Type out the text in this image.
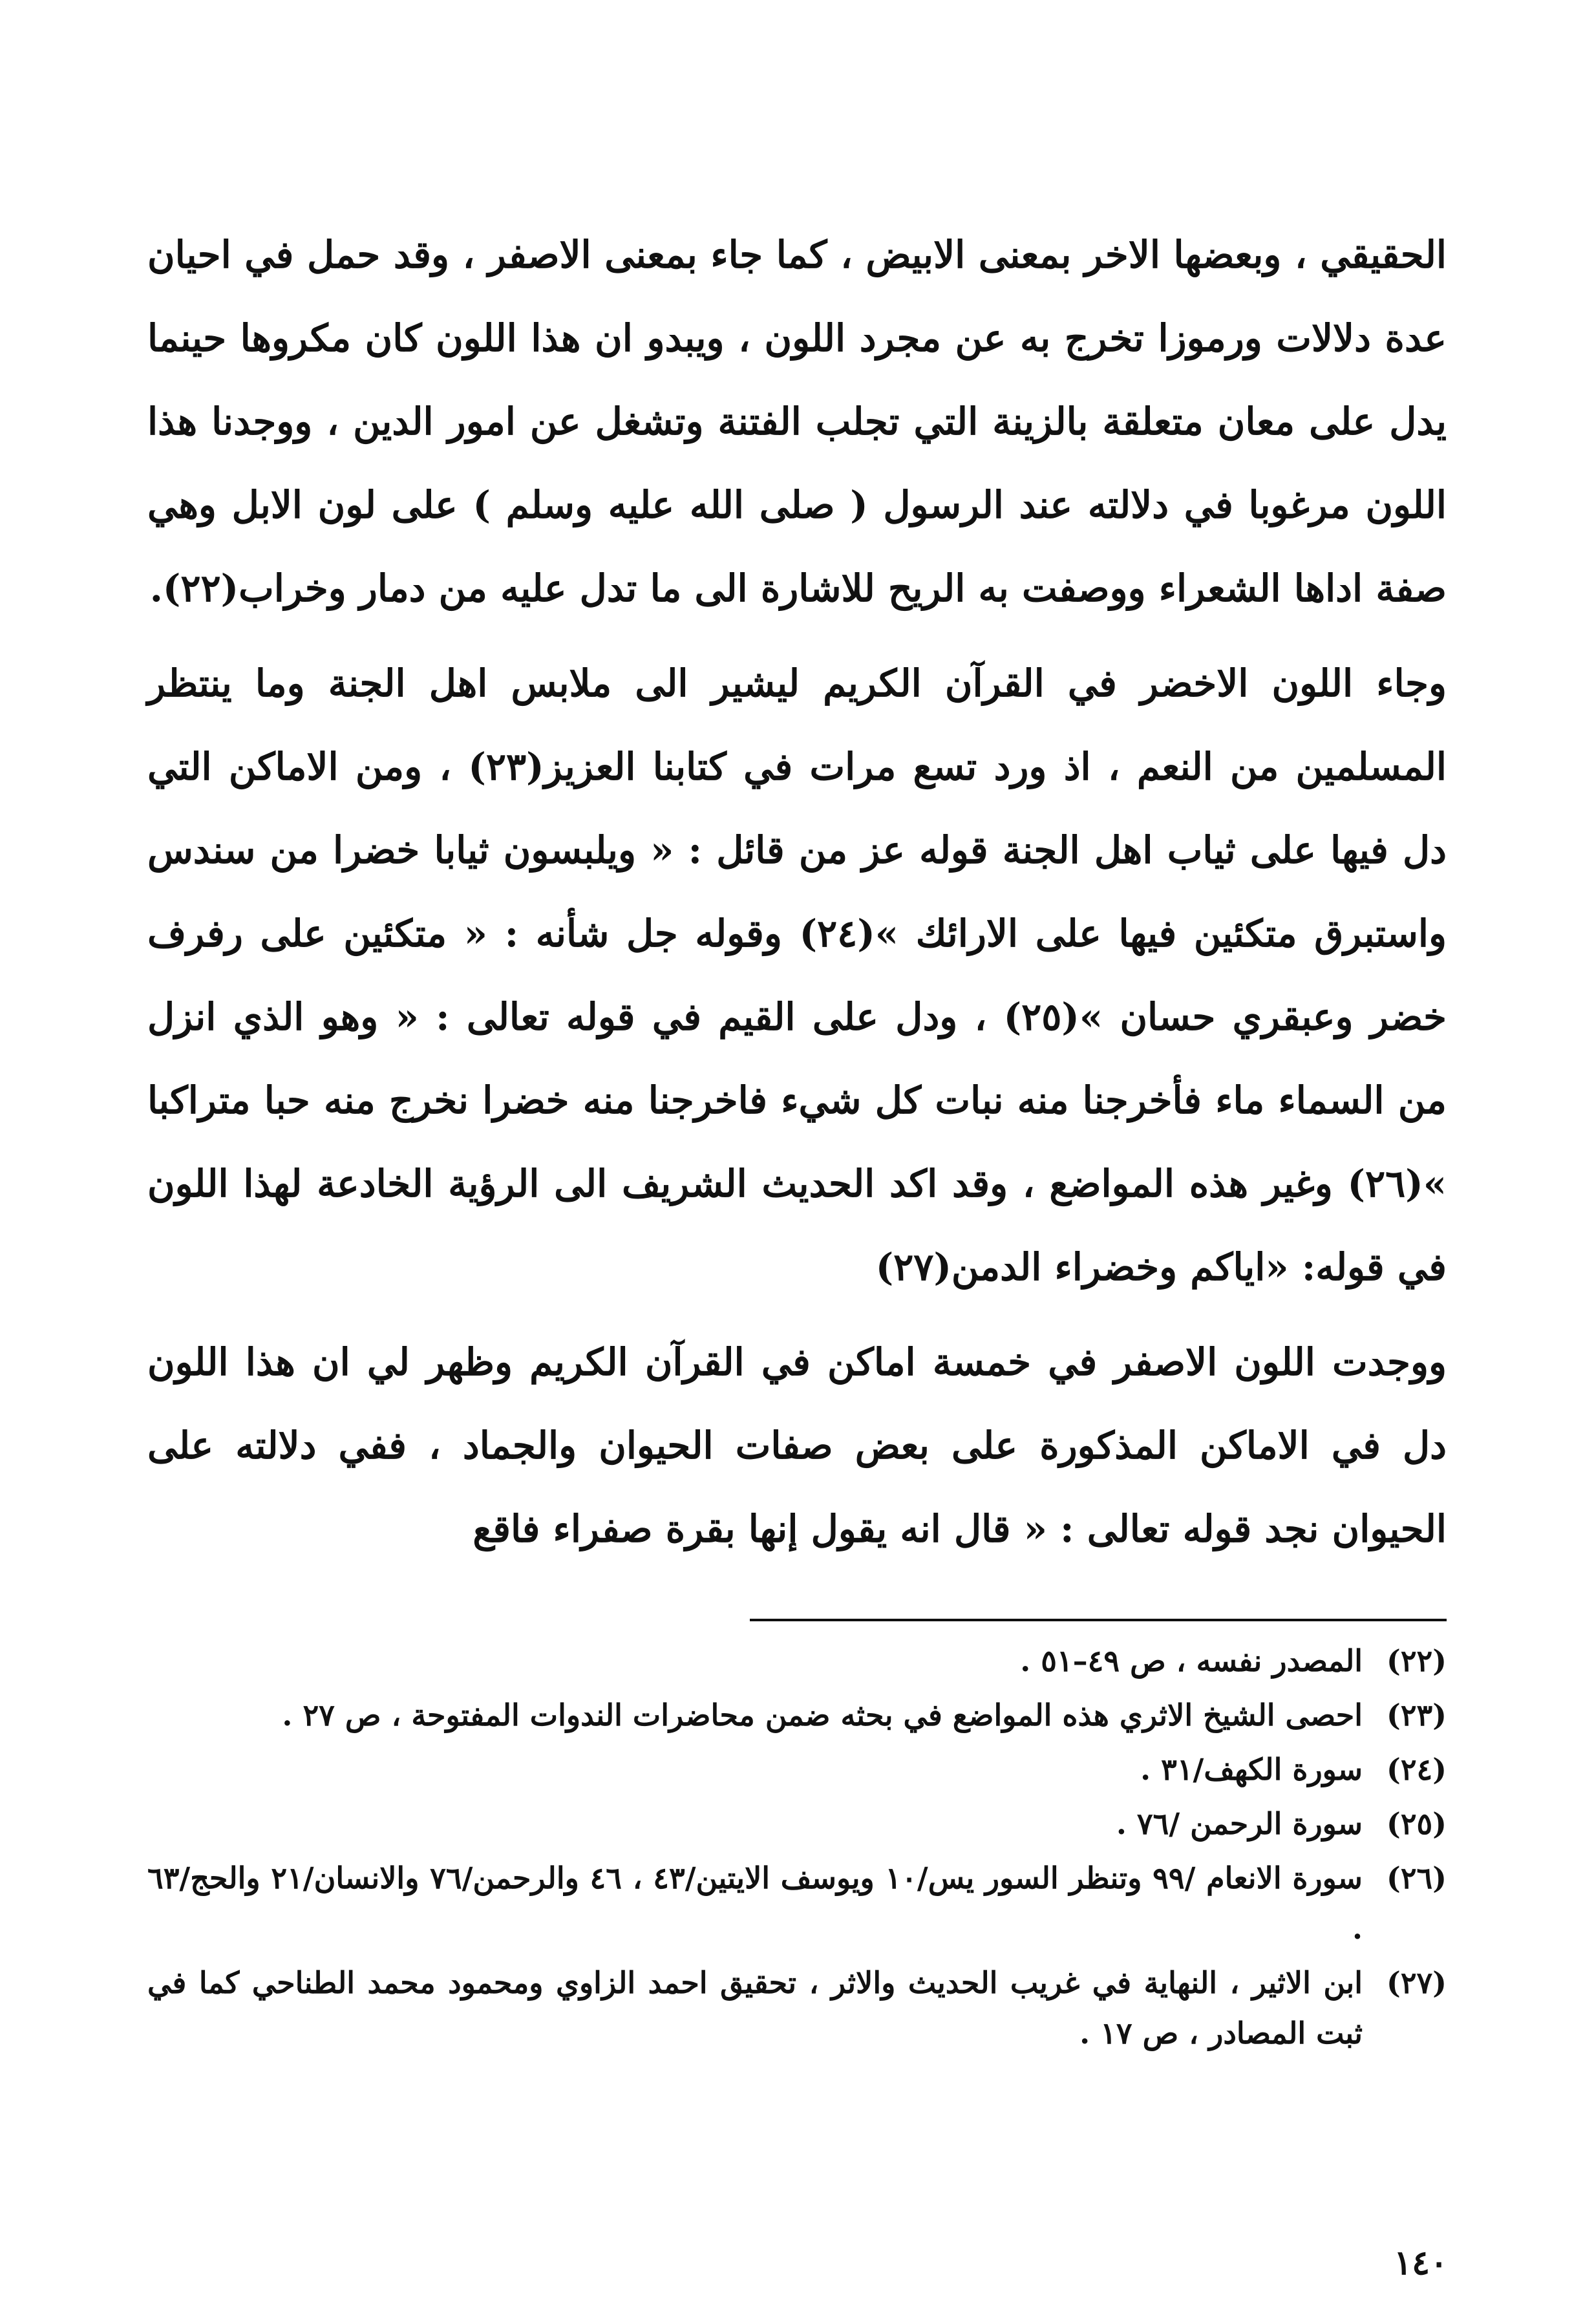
الحقيقي ، وبعضها الاخر بمعنى الابيض ، كما جاء بمعنى الاصفر ، وقد حمل في احيان عدة دلالات ورموزا تخرج به عن مجرد اللون ، ويبدو ان هذا اللون كان مكروها حينما يدل على معان متعلقة بالزينة التي تجلب الفتنة وتشغل عن امور الدين ، ووجدنا هذا اللون مرغوبا في دلالته عند الرسول ( صلى الله عليه وسلم ) على لون الابل وهي صفة اداها الشعراء ووصفت به الريح للاشارة الى ما تدل عليه من دمار وخراب(٢٢).

وجاء اللون الاخضر في القرآن الكريم ليشير الى ملابس اهل الجنة وما ينتظر المسلمين من النعم ، اذ ورد تسع مرات في كتابنا العزيز(٢٣) ، ومن الاماكن التي دل فيها على ثياب اهل الجنة قوله عز من قائل : « ويلبسون ثيابا خضرا من سندس واستبرق متكئين فيها على الارائك »(٢٤) وقوله جل شأنه : « متكئين على رفرف خضر وعبقري حسان »(٢٥) ، ودل على القيم في قوله تعالى : « وهو الذي انزل من السماء ماء فأخرجنا منه نبات كل شيء فاخرجنا منه خضرا نخرج منه حبا متراكبا »(٢٦) وغير هذه المواضع ، وقد اكد الحديث الشريف الى الرؤية الخادعة لهذا اللون في قوله: «اياكم وخضراء الدمن(٢٧)

ووجدت اللون الاصفر في خمسة اماكن في القرآن الكريم وظهر لي ان هذا اللون دل في الاماكن المذكورة على بعض صفات الحيوان والجماد ، ففي دلالته على الحيوان نجد قوله تعالى : « قال انه يقول إنها بقرة صفراء فاقع

(٢٢)
المصدر نفسه ، ص ٤٩–٥١ .
(٢٣)
احصى الشيخ الاثري هذه المواضع في بحثه ضمن محاضرات الندوات المفتوحة ، ص ٢٧ .
(٢٤)
سورة الكهف/٣١ .
(٢٥)
سورة الرحمن /٧٦ .
(٢٦)
سورة الانعام /٩٩ وتنظر السور يس/١٠ ويوسف الايتين/٤٣ ، ٤٦ والرحمن/٧٦ والانسان/٢١ والحج/٦٣ .
(٢٧)
ابن الاثير ، النهاية في غريب الحديث والاثر ، تحقيق احمد الزاوي ومحمود محمد الطناحي كما في ثبت المصادر ، ص ١٧ .
١٤٠
